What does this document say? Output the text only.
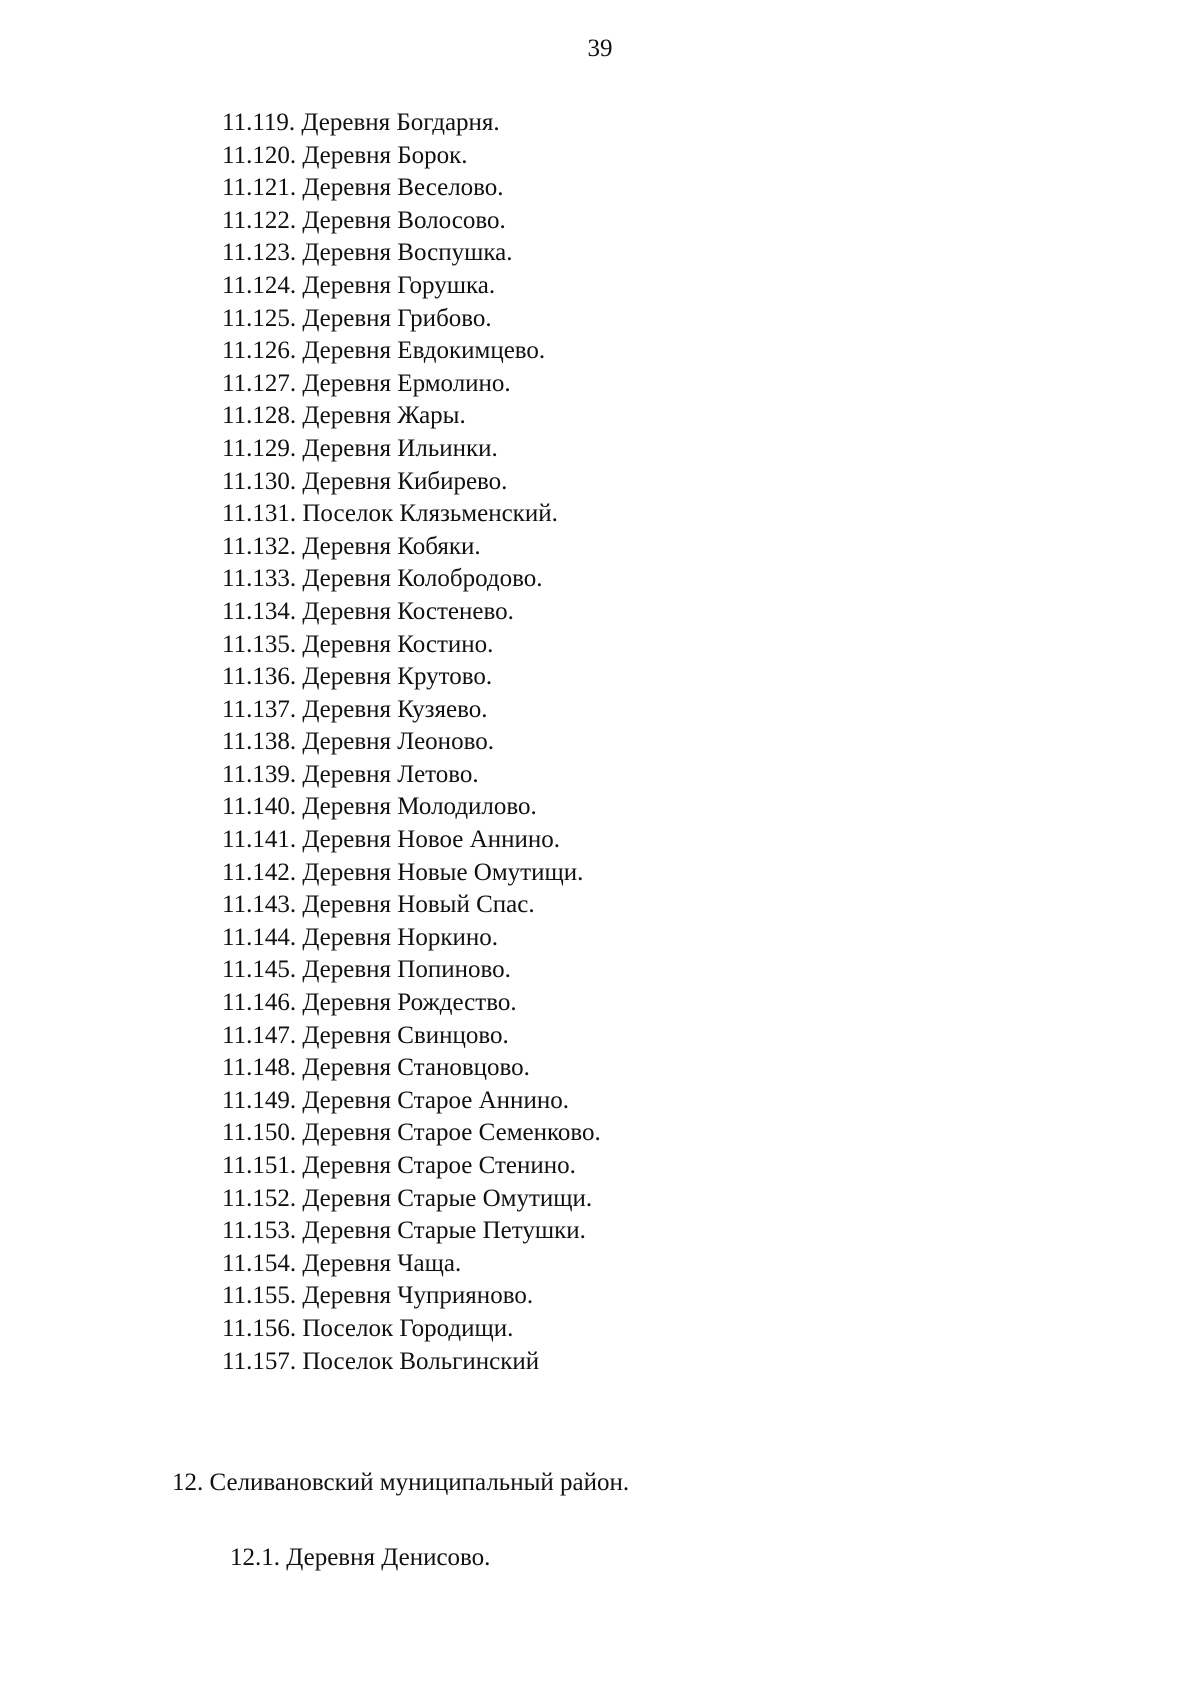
39
11.119. Деревня Богдарня.
11.120. Деревня Борок.
11.121. Деревня Веселово.
11.122. Деревня Волосово.
11.123. Деревня Воспушка.
11.124. Деревня Горушка.
11.125. Деревня Грибово.
11.126. Деревня Евдокимцево.
11.127. Деревня Ермолино.
11.128. Деревня Жары.
11.129. Деревня Ильинки.
11.130. Деревня Кибирево.
11.131. Поселок Клязьменский.
11.132. Деревня Кобяки.
11.133. Деревня Колобродово.
11.134. Деревня Костенево.
11.135. Деревня Костино.
11.136. Деревня Крутово.
11.137. Деревня Кузяево.
11.138. Деревня Леоново.
11.139. Деревня Летово.
11.140. Деревня Молодилово.
11.141. Деревня Новое Аннино.
11.142. Деревня Новые Омутищи.
11.143. Деревня Новый Спас.
11.144. Деревня Норкино.
11.145. Деревня Попиново.
11.146. Деревня Рождество.
11.147. Деревня Свинцово.
11.148. Деревня Становцово.
11.149. Деревня Старое Аннино.
11.150. Деревня Старое Семенково.
11.151. Деревня Старое Стенино.
11.152. Деревня Старые Омутищи.
11.153. Деревня Старые Петушки.
11.154. Деревня Чаща.
11.155. Деревня Чуприяново.
11.156. Поселок Городищи.
11.157. Поселок Вольгинский
12. Селивановский муниципальный район.
12.1. Деревня Денисово.
